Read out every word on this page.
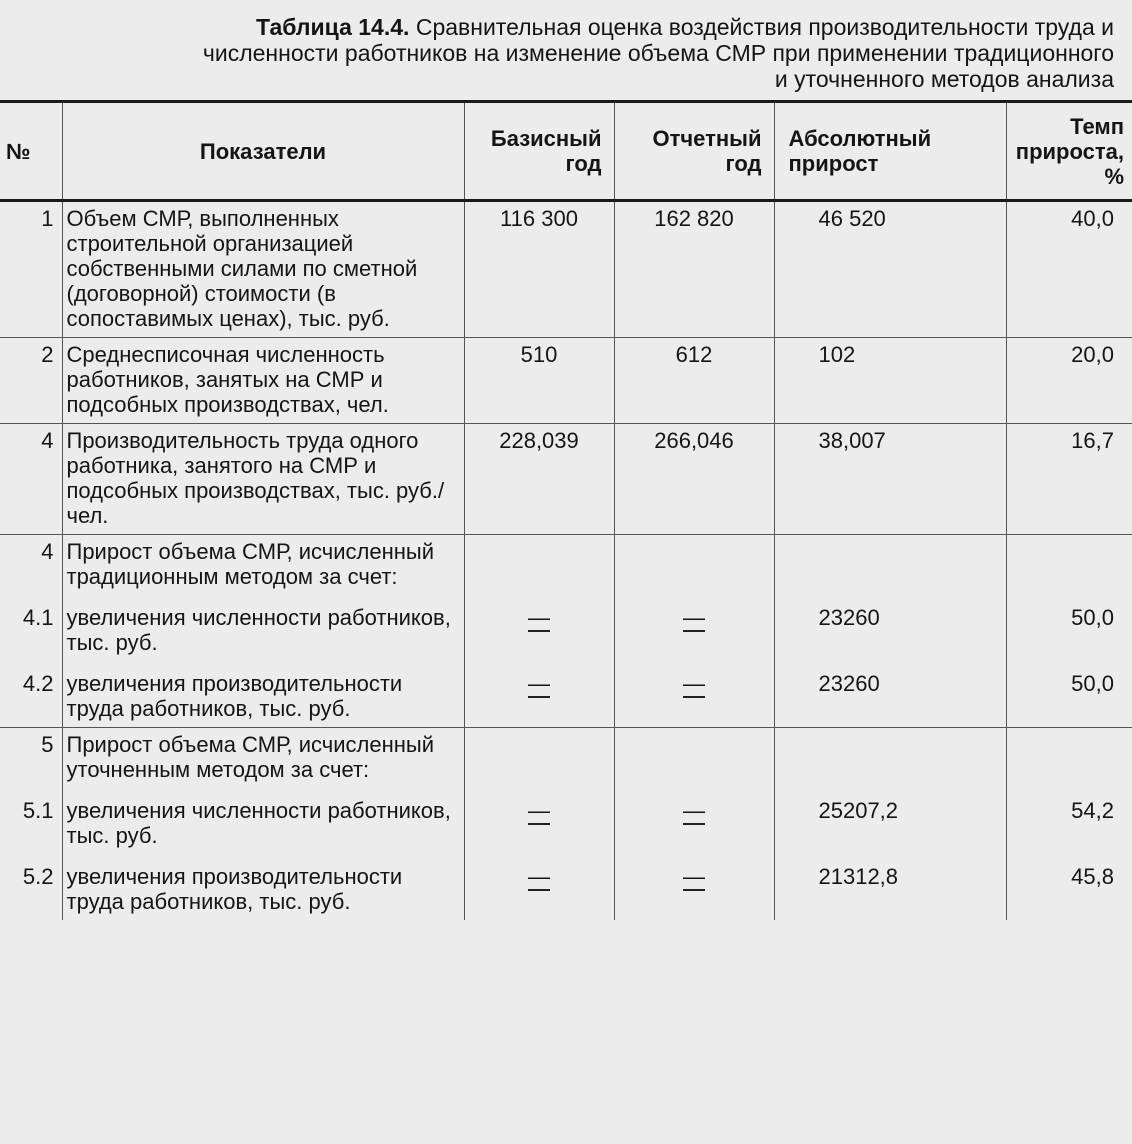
Таблица 14.4. Сравнительная оценка воздействия производительности труда и численности работников на изменение объема СМР при применении традиционного и уточненного методов анализа
№	Показатели	Базисный год	Отчетный год	Абсолютный прирост	Темп прироста, %
1	Объем СМР, выполненных строительной организацией собственными силами по сметной (договорной) стоимости (в сопоставимых ценах), тыс. руб.	116 300	162 820	46 520	40,0
2	Среднесписочная численность работников, занятых на СМР и подсобных производствах, чел.	510	612	102	20,0
4	Производительность труда одного работника, занятого на СМР и подсобных производствах, тыс. руб./чел.	228,039	266,046	38,007	16,7
4	Прирост объема СМР, исчисленный традиционным методом за счет:				
4.1	увеличения численности работников, тыс. руб.	—	—	23260	50,0
4.2	увеличения производительности труда работников, тыс. руб.	—	—	23260	50,0
5	Прирост объема СМР, исчисленный уточненным методом за счет:				
5.1	увеличения численности работников, тыс. руб.	—	—	25207,2	54,2
5.2	увеличения производительности труда работников, тыс. руб.	—	—	21312,8	45,8
